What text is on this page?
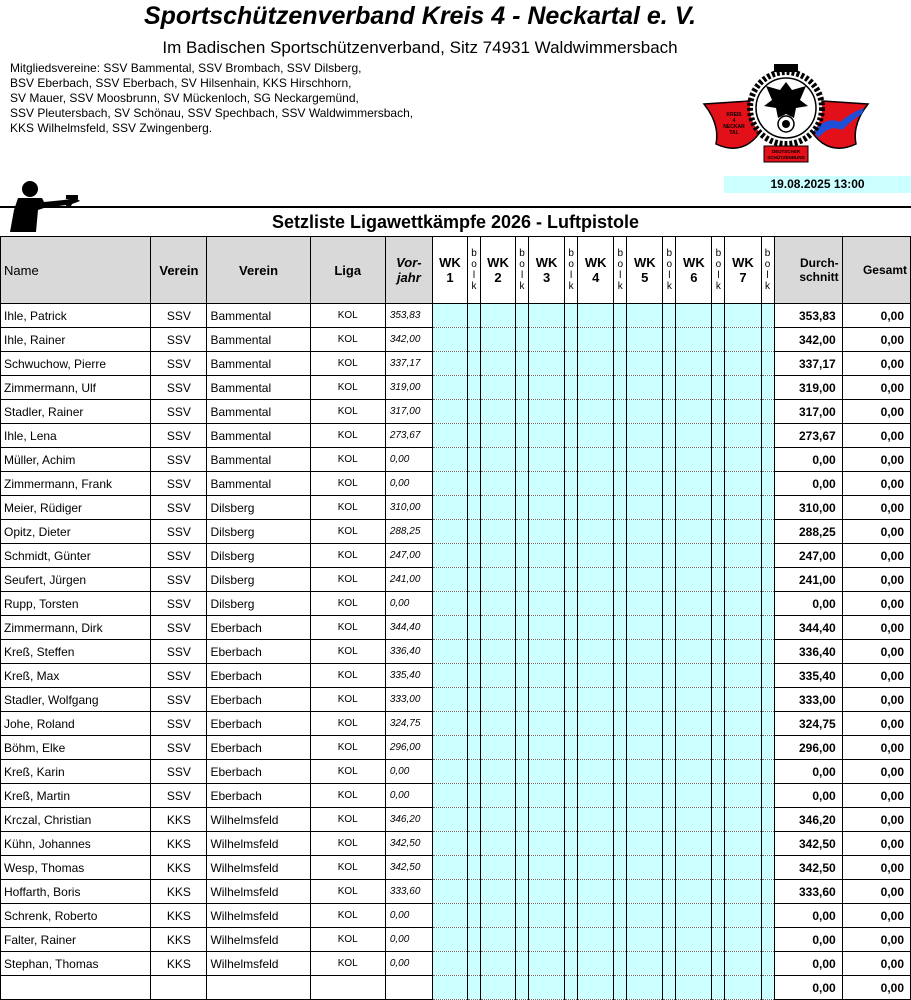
Sportschützenverband Kreis 4 - Neckartal e. V.
Im Badischen Sportschützenverband, Sitz 74931 Waldwimmersbach
Mitgliedsvereine: SSV Bammental, SSV Brombach, SSV Dilsberg,
BSV Eberbach, SSV Eberbach, SV Hilsenhain, KKS Hirschhorn,
SV Mauer, SSV Moosbrunn, SV Mückenloch, SG Neckargemünd,
SSV Pleutersbach, SV Schönau, SSV Spechbach, SSV Waldwimmersbach,
KKS Wilhelmsfeld, SSV Zwingenberg.
KREIS
4
NECKAR
TAL
DEUTSCHER
SCHÜTZENBUND
19.08.2025 13:00
Setzliste Ligawettkämpfe 2026 - Luftpistole
Name	Verein	Verein	Liga	Vor-
jahr	WK
1	b
o
l
k	WK
2	b
o
l
k	WK
3	b
o
l
k	WK
4	b
o
l
k	WK
5	b
o
l
k	WK
6	b
o
l
k	WK
7	b
o
l
k	Durch-
schnitt	Gesamt
Ihle, Patrick	SSV	Bammental	KOL	353,83															353,83	0,00
Ihle, Rainer	SSV	Bammental	KOL	342,00															342,00	0,00
Schwuchow, Pierre	SSV	Bammental	KOL	337,17															337,17	0,00
Zimmermann, Ulf	SSV	Bammental	KOL	319,00															319,00	0,00
Stadler, Rainer	SSV	Bammental	KOL	317,00															317,00	0,00
Ihle, Lena	SSV	Bammental	KOL	273,67															273,67	0,00
Müller, Achim	SSV	Bammental	KOL	0,00															0,00	0,00
Zimmermann, Frank	SSV	Bammental	KOL	0,00															0,00	0,00
Meier, Rüdiger	SSV	Dilsberg	KOL	310,00															310,00	0,00
Opitz, Dieter	SSV	Dilsberg	KOL	288,25															288,25	0,00
Schmidt, Günter	SSV	Dilsberg	KOL	247,00															247,00	0,00
Seufert, Jürgen	SSV	Dilsberg	KOL	241,00															241,00	0,00
Rupp, Torsten	SSV	Dilsberg	KOL	0,00															0,00	0,00
Zimmermann, Dirk	SSV	Eberbach	KOL	344,40															344,40	0,00
Kreß, Steffen	SSV	Eberbach	KOL	336,40															336,40	0,00
Kreß, Max	SSV	Eberbach	KOL	335,40															335,40	0,00
Stadler, Wolfgang	SSV	Eberbach	KOL	333,00															333,00	0,00
Johe, Roland	SSV	Eberbach	KOL	324,75															324,75	0,00
Böhm, Elke	SSV	Eberbach	KOL	296,00															296,00	0,00
Kreß, Karin	SSV	Eberbach	KOL	0,00															0,00	0,00
Kreß, Martin	SSV	Eberbach	KOL	0,00															0,00	0,00
Krczal, Christian	KKS	Wilhelmsfeld	KOL	346,20															346,20	0,00
Kühn, Johannes	KKS	Wilhelmsfeld	KOL	342,50															342,50	0,00
Wesp, Thomas	KKS	Wilhelmsfeld	KOL	342,50															342,50	0,00
Hoffarth, Boris	KKS	Wilhelmsfeld	KOL	333,60															333,60	0,00
Schrenk, Roberto	KKS	Wilhelmsfeld	KOL	0,00															0,00	0,00
Falter, Rainer	KKS	Wilhelmsfeld	KOL	0,00															0,00	0,00
Stephan, Thomas	KKS	Wilhelmsfeld	KOL	0,00															0,00	0,00
																			0,00	0,00
